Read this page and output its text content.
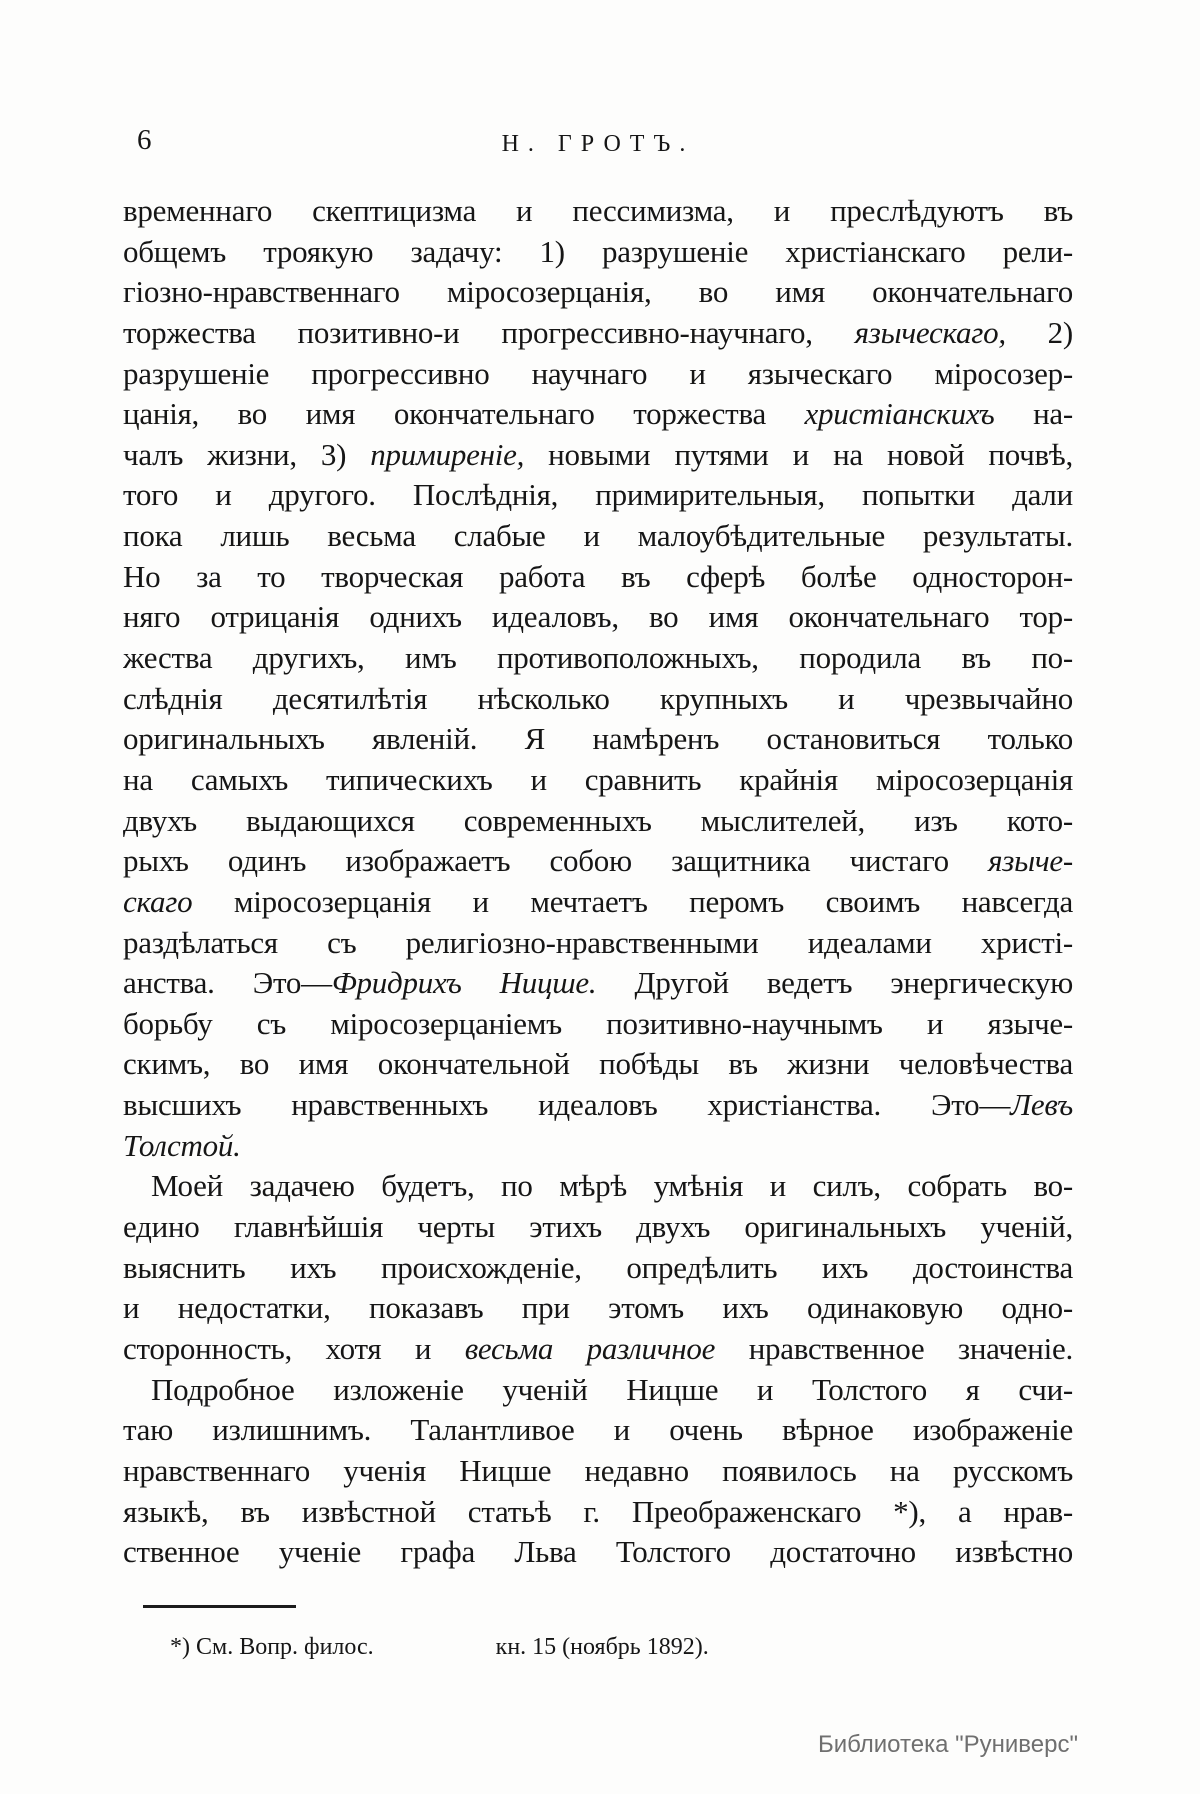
6	Н. ГРОТЪ.
временнаго скептицизма и пессимизма, и преслѣдуютъ въ
общемъ троякую задачу: 1) разрушеніе христіанскаго рели-
гіозно-нравственнаго міросозерцанія, во имя окончательнаго
торжества позитивно-и прогрессивно-научнаго, языческаго, 2)
разрушеніе прогрессивно научнаго и языческаго міросозер-
цанія, во имя окончательнаго торжества христіанскихъ на-
чалъ жизни, 3) примиреніе, новыми путями и на новой почвѣ,
того и другого. Послѣднія, примирительныя, попытки дали
пока лишь весьма слабые и малоубѣдительные результаты.
Но за то творческая работа въ сферѣ болѣе односторон-
няго отрицанія однихъ идеаловъ, во имя окончательнаго тор-
жества другихъ, имъ противоположныхъ, породила въ по-
слѣднія десятилѣтія нѣсколько крупныхъ и чрезвычайно
оригинальныхъ явленій. Я намѣренъ остановиться только
на самыхъ типическихъ и сравнить крайнія міросозерцанія
двухъ выдающихся современныхъ мыслителей, изъ кото-
рыхъ одинъ изображаетъ собою защитника чистаго языче-
скаго міросозерцанія и мечтаетъ перомъ своимъ навсегда
раздѣлаться съ религіозно-нравственными идеалами христі-
анства. Это—Фридрихъ Ницше. Другой ведетъ энергическую
борьбу съ міросозерцаніемъ позитивно-научнымъ и языче-
скимъ, во имя окончательной побѣды въ жизни человѣчества
высшихъ нравственныхъ идеаловъ христіанства. Это—Левъ
Толстой.
Моей задачею будетъ, по мѣрѣ умѣнія и силъ, собрать во-
едино главнѣйшія черты этихъ двухъ оригинальныхъ ученій,
выяснить ихъ происхожденіе, опредѣлить ихъ достоинства
и недостатки, показавъ при этомъ ихъ одинаковую одно-
сторонность, хотя и весьма различное нравственное значеніе.
Подробное изложеніе ученій Ницше и Толстого я счи-
таю излишнимъ. Талантливое и очень вѣрное изображеніе
нравственнаго ученія Ницше недавно появилось на русскомъ
языкѣ, въ извѣстной статьѣ г. Преображенскаго *), а нрав-
ственное ученіе графа Льва Толстого достаточно извѣстно
*) См. Вопр. филос.	кн. 15 (ноябрь 1892).
Библиотека "Руниверс"
